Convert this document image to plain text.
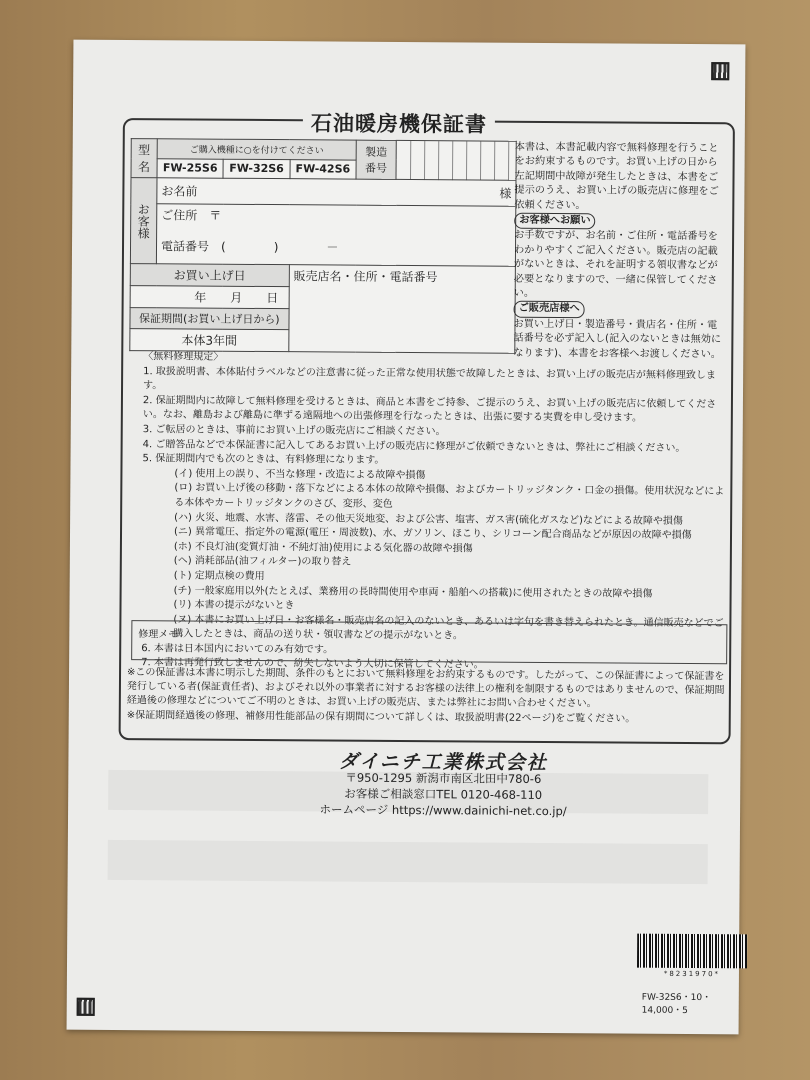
石油暖房機保証書
型名	ご購入機種に○を付けてください			製造番号	
	FW-25S6	FW-32S6	FW-42S6		
お客様	お名前 様				

	ご住所　 〒
電話番号　 (　　　　)　　　　－				

お買い上げ日			販売店名・住所・電話番号		
年　　月　　日					
保証期間(お買い上げ日から)					
本体3年間					
本書は、本書記載内容で無料修理を行うことをお約束するものです。お買い上げの日から左記期間中故障が発生したときは、本書をご提示のうえ、お買い上げの販売店に修理をご依頼ください。
お客様へお願い
お手数ですが、お名前・ご住所・電話番号をわかりやすくご記入ください。販売店の記載がないときは、それを証明する領収書などが必要となりますので、一緒に保管してください。
ご販売店様へ
お買い上げ日・製造番号・貴店名・住所・電話番号を必ず記入し(記入のないときは無効になります)、本書をお客様へお渡しください。
〈無料修理規定〉
1. 取扱説明書、本体貼付ラベルなどの注意書に従った正常な使用状態で故障したときは、お買い上げの販売店が無料修理致します。
2. 保証期間内に故障して無料修理を受けるときは、商品と本書をご持参、ご提示のうえ、お買い上げの販売店に依頼してください。なお、離島および離島に準ずる遠隔地への出張修理を行なったときは、出張に要する実費を申し受けます。
3. ご転居のときは、事前にお買い上げの販売店にご相談ください。
4. ご贈答品などで本保証書に記入してあるお買い上げの販売店に修理がご依頼できないときは、弊社にご相談ください。
5. 保証期間内でも次のときは、有料修理になります。
(イ) 使用上の誤り、不当な修理・改造による故障や損傷
(ロ) お買い上げ後の移動・落下などによる本体の故障や損傷、およびカートリッジタンク・口金の損傷。使用状況などによる本体やカートリッジタンクのさび、変形、変色
(ハ) 火災、地震、水害、落雷、その他天災地変、および公害、塩害、ガス害(硫化ガスなど)などによる故障や損傷
(ニ) 異常電圧、指定外の電源(電圧・周波数)、水、ガソリン、ほこり、シリコーン配合商品などが原因の故障や損傷
(ホ) 不良灯油(変質灯油・不純灯油)使用による気化器の故障や損傷
(ヘ) 消耗部品(油フィルター)の取り替え
(ト) 定期点検の費用
(チ) 一般家庭用以外(たとえば、業務用の長時間使用や車両・船舶への搭載)に使用されたときの故障や損傷
(リ) 本書の提示がないとき
(ヌ) 本書にお買い上げ日・お客様名・販売店名の記入のないとき、あるいは字句を書き替えられたとき。通信販売などでご購入したときは、商品の送り状・領収書などの提示がないとき。
6. 本書は日本国内においてのみ有効です。
7. 本書は再発行致しませんので、紛失しないよう大切に保管してください。
修理メモ
※この保証書は本書に明示した期間、条件のもとにおいて無料修理をお約束するものです。したがって、この保証書によって保証書を発行している者(保証責任者)、およびそれ以外の事業者に対するお客様の法律上の権利を制限するものではありませんので、保証期間経過後の修理などについてご不明のときは、お買い上げの販売店、または弊社にお問い合わせください。
※保証期間経過後の修理、補修用性能部品の保有期間について詳しくは、取扱説明書(22ページ)をご覧ください。
ダイニチ工業株式会社
〒950-1295 新潟市南区北田中780-6
お客様ご相談窓口TEL 0120-468-110
ホームページ https://www.dainichi-net.co.jp/
*8231970*
FW-32S6・10・14,000・5
